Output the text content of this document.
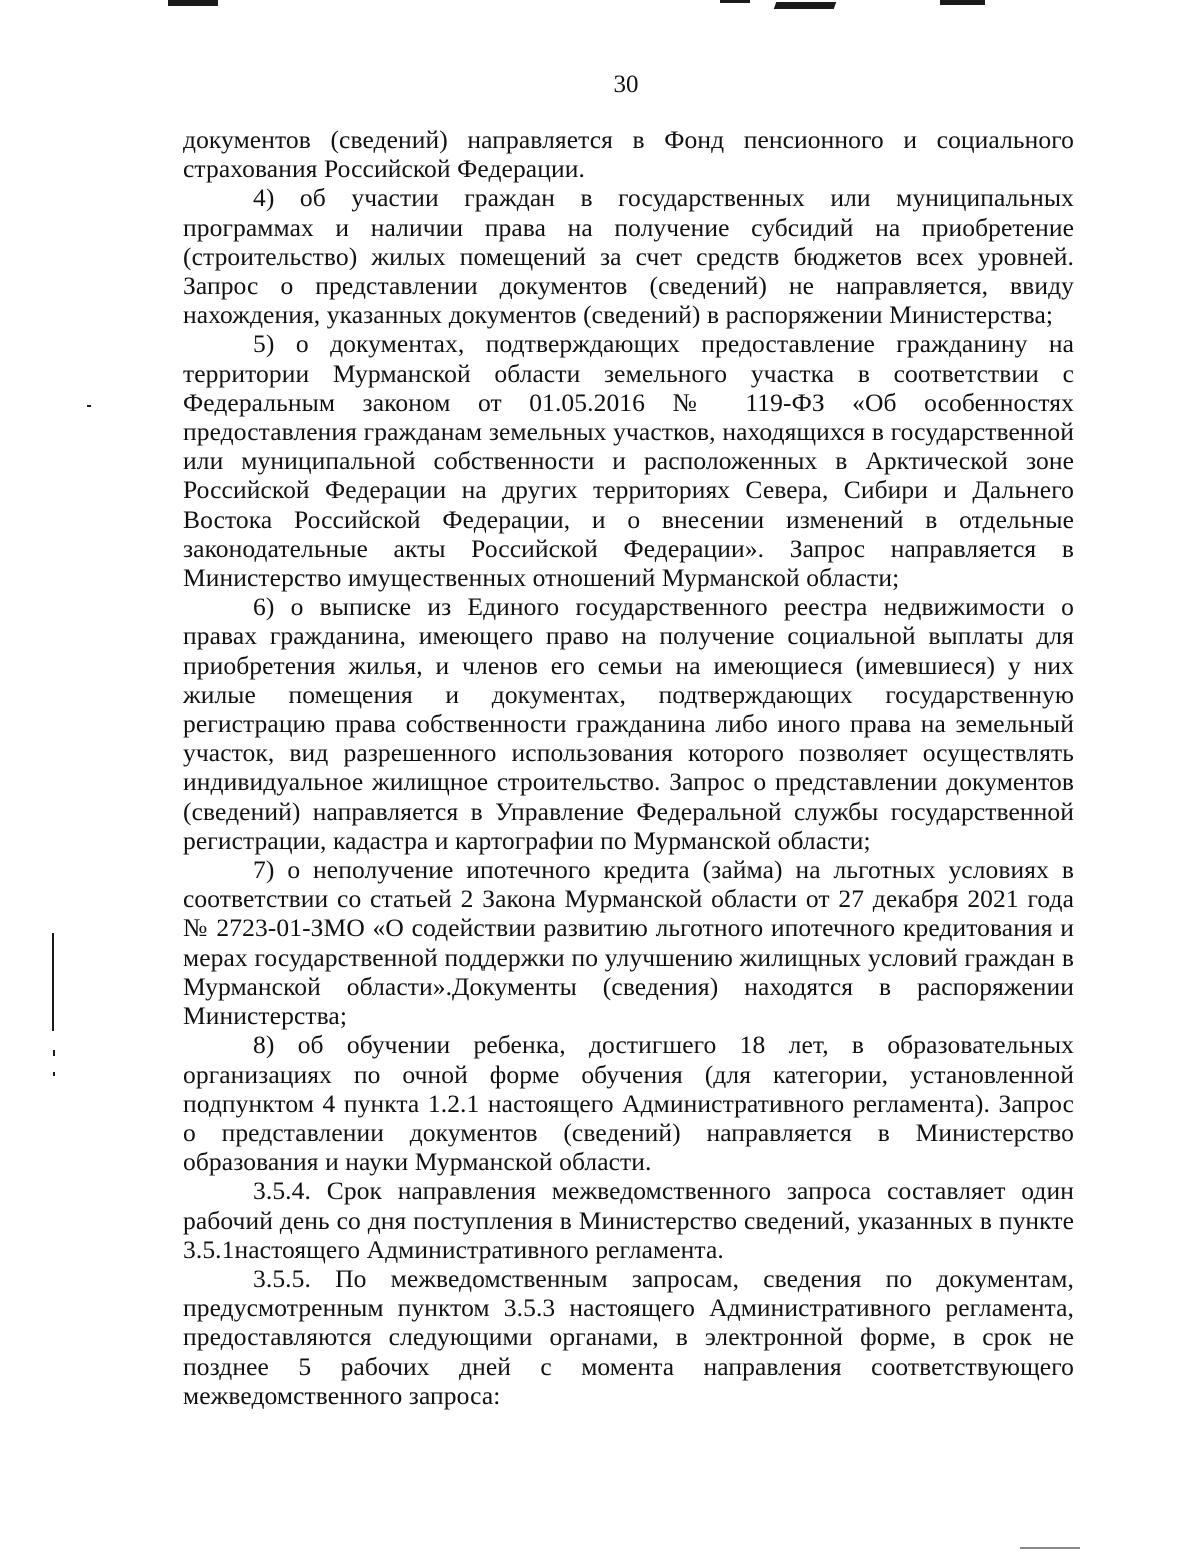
30

документов (сведений) направляется в Фонд пенсионного и социального страхования Российской Федерации.

4) об участии граждан в государственных или муниципальных программах и наличии права на получение субсидий на приобретение (строительство) жилых помещений за счет средств бюджетов всех уровней. Запрос о представлении документов (сведений) не направляется, ввиду нахождения, указанных документов (сведений) в распоряжении Министерства;

5) о документах, подтверждающих предоставление гражданину на территории Мурманской области земельного участка в соответствии с Федеральным законом от 01.05.2016 № 119-ФЗ «Об особенностях предоставления гражданам земельных участков, находящихся в государственной или муниципальной собственности и расположенных в Арктической зоне Российской Федерации на других территориях Севера, Сибири и Дальнего Востока Российской Федерации, и о внесении изменений в отдельные законодательные акты Российской Федерации». Запрос направляется в Министерство имущественных отношений Мурманской области;

6) о выписке из Единого государственного реестра недвижимости о правах гражданина, имеющего право на получение социальной выплаты для приобретения жилья, и членов его семьи на имеющиеся (имевшиеся) у них жилые помещения и документах, подтверждающих государственную регистрацию права собственности гражданина либо иного права на земельный участок, вид разрешенного использования которого позволяет осуществлять индивидуальное жилищное строительство. Запрос о представлении документов (сведений) направляется в Управление Федеральной службы государственной регистрации, кадастра и картографии по Мурманской области;

7) о неполучение ипотечного кредита (займа) на льготных условиях в соответствии со статьей 2 Закона Мурманской области от 27 декабря 2021 года № 2723-01-ЗМО «О содействии развитию льготного ипотечного кредитования и мерах государственной поддержки по улучшению жилищных условий граждан в Мурманской области».Документы (сведения) находятся в распоряжении Министерства;

8) об обучении ребенка, достигшего 18 лет, в образовательных организациях по очной форме обучения (для категории, установленной подпунктом 4 пункта 1.2.1 настоящего Административного регламента). Запрос о представлении документов (сведений) направляется в Министерство образования и науки Мурманской области.

3.5.4. Срок направления межведомственного запроса составляет один рабочий день со дня поступления в Министерство сведений, указанных в пункте 3.5.1настоящего Административного регламента.

3.5.5. По межведомственным запросам, сведения по документам, предусмотренным пунктом 3.5.3 настоящего Административного регламента, предоставляются следующими органами, в электронной форме, в срок не позднее 5 рабочих дней с момента направления соответствующего межведомственного запроса:
